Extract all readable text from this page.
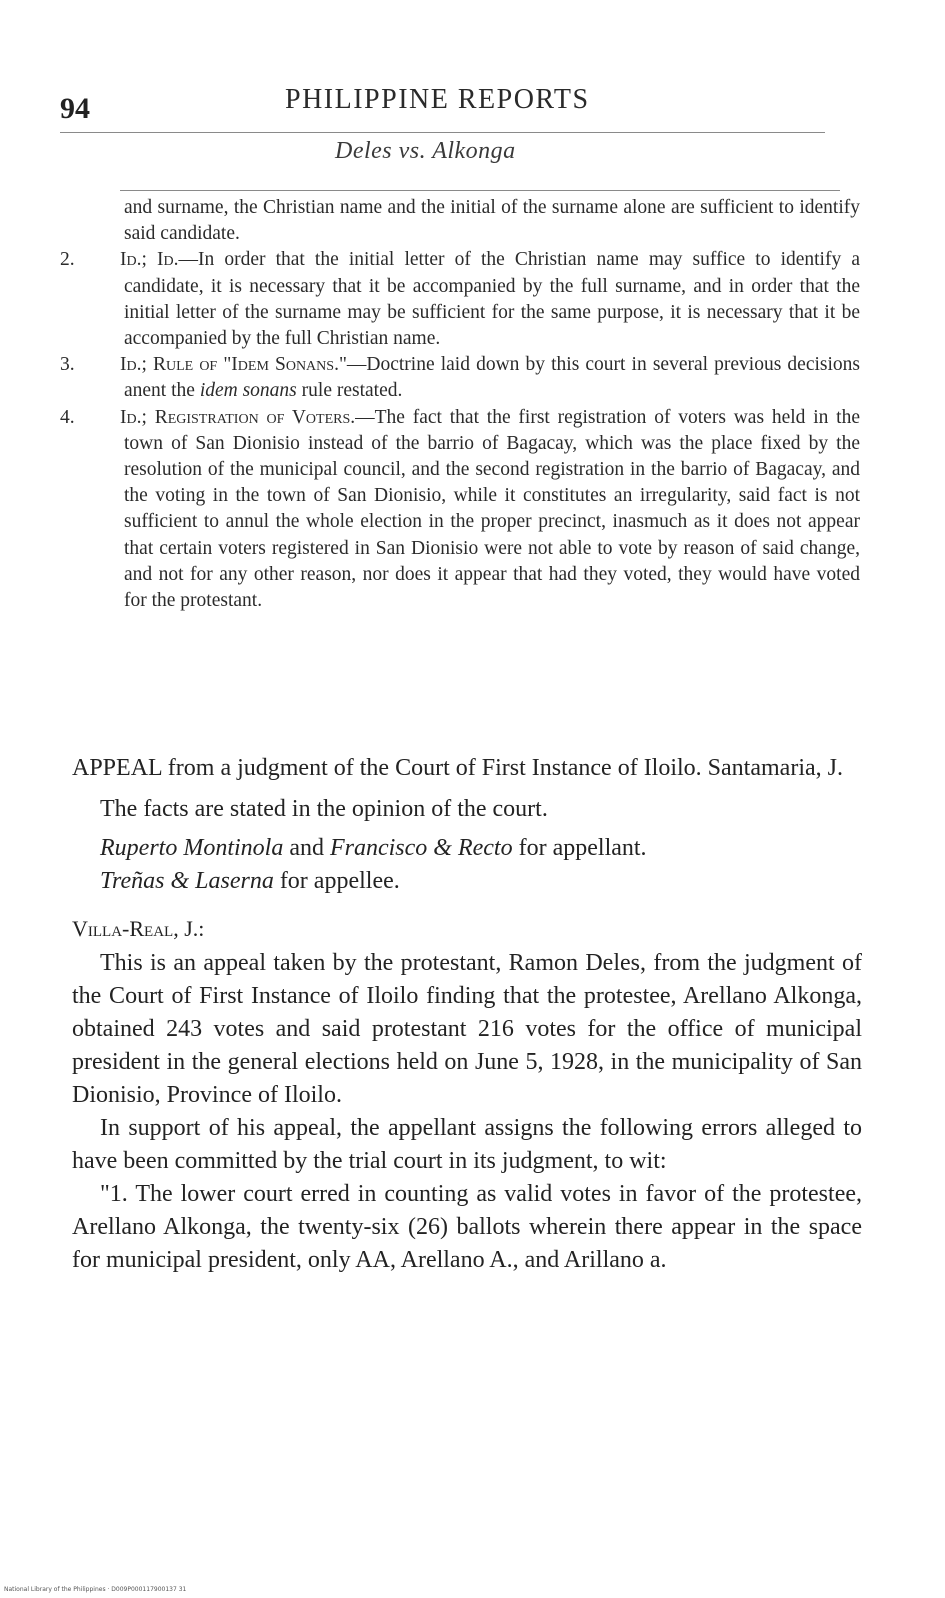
94	PHILIPPINE REPORTS
Deles vs. Alkonga

and surname, the Christian name and the initial of the surname alone are sufficient to identify said candidate.

2. Id.; Id.—In order that the initial letter of the Christian name may suffice to identify a candidate, it is necessary that it be accompanied by the full surname, and in order that the initial letter of the surname may be sufficient for the same purpose, it is necessary that it be accompanied by the full Christian name.

3. Id.; Rule of "Idem Sonans."—Doctrine laid down by this court in several previous decisions anent the idem sonans rule restated.

4. Id.; Registration of Voters.—The fact that the first registration of voters was held in the town of San Dionisio instead of the barrio of Bagacay, which was the place fixed by the resolution of the municipal council, and the second registration in the barrio of Bagacay, and the voting in the town of San Dionisio, while it constitutes an irregularity, said fact is not sufficient to annul the whole election in the proper precinct, inasmuch as it does not appear that certain voters registered in San Dionisio were not able to vote by reason of said change, and not for any other reason, nor does it appear that had they voted, they would have voted for the protestant.

APPEAL from a judgment of the Court of First Instance of Iloilo. Santamaria, J.

The facts are stated in the opinion of the court.

Ruperto Montinola and Francisco & Recto for appellant.

Treñas & Laserna for appellee.

Villa-Real, J.:

This is an appeal taken by the protestant, Ramon Deles, from the judgment of the Court of First Instance of Iloilo finding that the protestee, Arellano Alkonga, obtained 243 votes and said protestant 216 votes for the office of municipal president in the general elections held on June 5, 1928, in the municipality of San Dionisio, Province of Iloilo.

In support of his appeal, the appellant assigns the following errors alleged to have been committed by the trial court in its judgment, to wit:

"1. The lower court erred in counting as valid votes in favor of the protestee, Arellano Alkonga, the twenty-six (26) ballots wherein there appear in the space for municipal president, only AA, Arellano A., and Arillano a.

National Library of the Philippines · D009P000117900137 31
